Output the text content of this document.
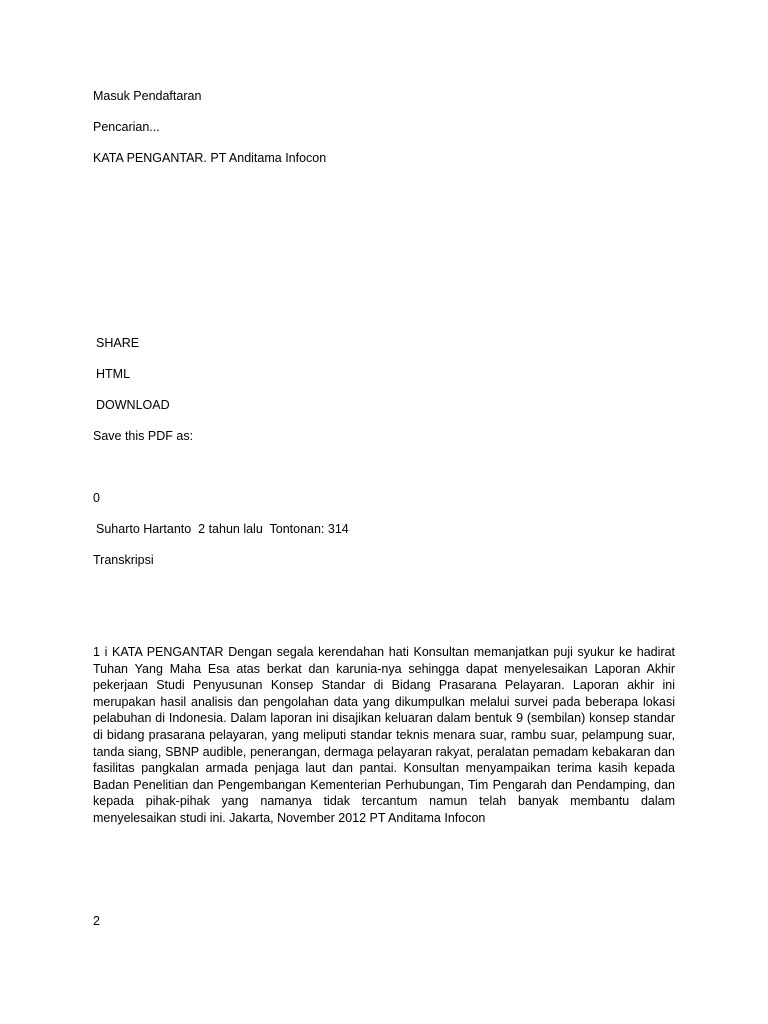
Masuk Pendaftaran
Pencarian...
KATA PENGANTAR. PT Anditama Infocon
SHARE
HTML
DOWNLOAD
Save this PDF as:
0
Suharto Hartanto  2 tahun lalu  Tontonan: 314
Transkripsi
1 i KATA PENGANTAR Dengan segala kerendahan hati Konsultan memanjatkan puji syukur ke hadirat Tuhan Yang Maha Esa atas berkat dan karunia-nya sehingga dapat menyelesaikan Laporan Akhir pekerjaan Studi Penyusunan Konsep Standar di Bidang Prasarana Pelayaran. Laporan akhir ini merupakan hasil analisis dan pengolahan data yang dikumpulkan melalui survei pada beberapa lokasi pelabuhan di Indonesia. Dalam laporan ini disajikan keluaran dalam bentuk 9 (sembilan) konsep standar di bidang prasarana pelayaran, yang meliputi standar teknis menara suar, rambu suar, pelampung suar, tanda siang, SBNP audible, penerangan, dermaga pelayaran rakyat, peralatan pemadam kebakaran dan fasilitas pangkalan armada penjaga laut dan pantai. Konsultan menyampaikan terima kasih kepada Badan Penelitian dan Pengembangan Kementerian Perhubungan, Tim Pengarah dan Pendamping, dan kepada pihak-pihak yang namanya tidak tercantum namun telah banyak membantu dalam menyelesaikan studi ini. Jakarta, November 2012 PT Anditama Infocon
2
